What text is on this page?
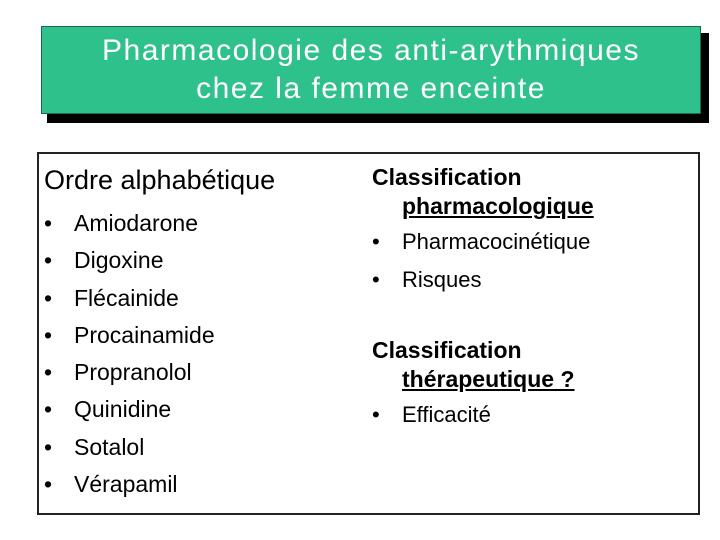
Pharmacologie des anti-arythmiques
chez la femme enceinte
Ordre alphabétique
• Amiodarone
• Digoxine
• Flécainide
• Procainamide
• Propranolol
• Quinidine
• Sotalol
• Vérapamil
Classification
pharmacologique
• Pharmacocinétique
• Risques
Classification
thérapeutique ?
• Efficacité
